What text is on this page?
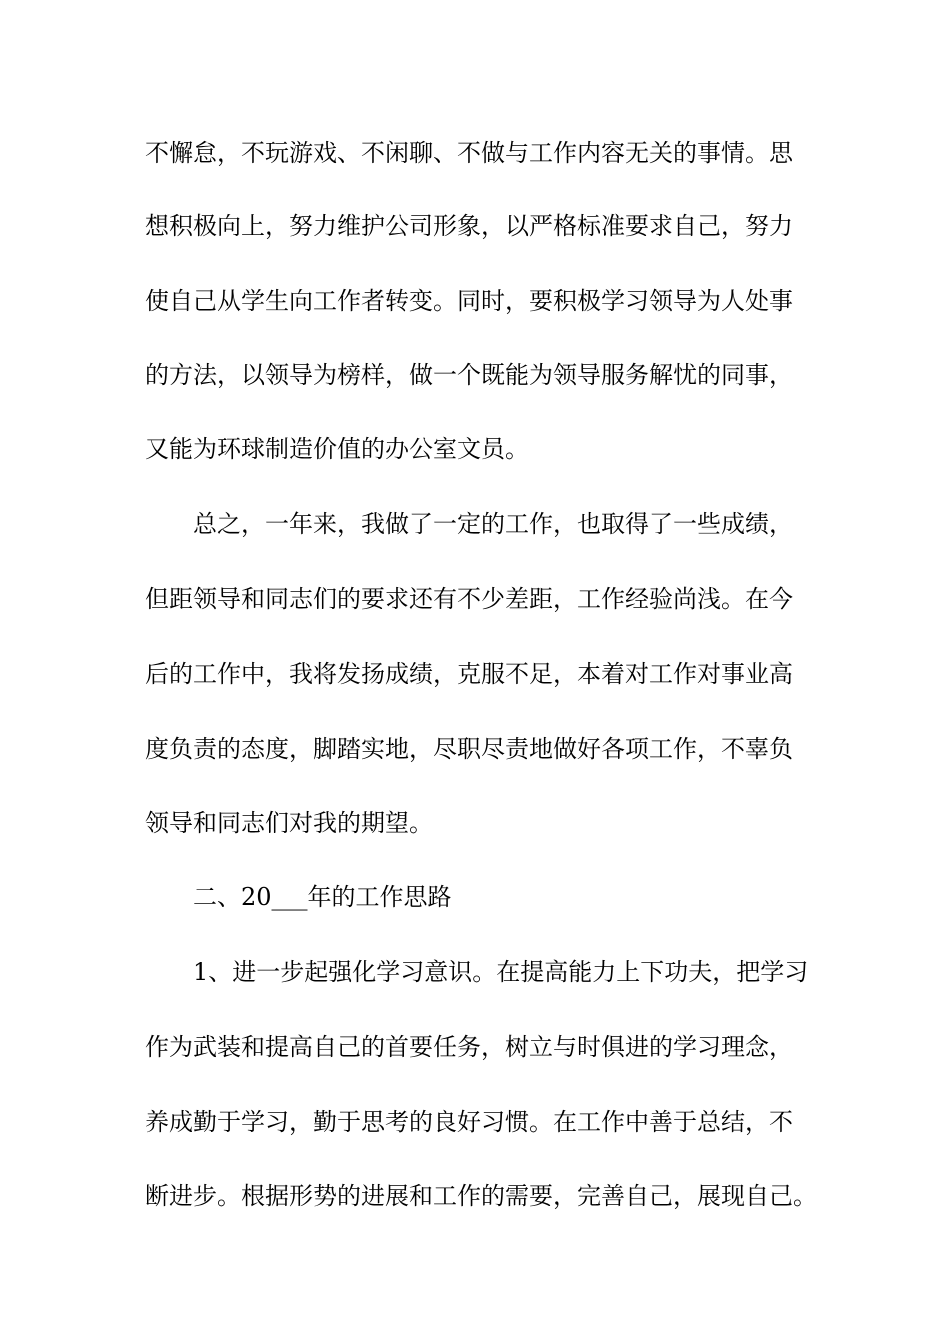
不懈怠，不玩游戏、不闲聊、不做与工作内容无关的事情。思
想积极向上，努力维护公司形象，以严格标准要求自己，努力
使自己从学生向工作者转变。同时，要积极学习领导为人处事
的方法，以领导为榜样，做一个既能为领导服务解忧的同事，
又能为环球制造价值的办公室文员。
总之，一年来，我做了一定的工作，也取得了一些成绩，
但距领导和同志们的要求还有不少差距，工作经验尚浅。在今
后的工作中，我将发扬成绩，克服不足，本着对工作对事业高
度负责的态度，脚踏实地，尽职尽责地做好各项工作，不辜负
领导和同志们对我的期望。
二、20___年的工作思路
1、进一步起强化学习意识。在提高能力上下功夫，把学习
作为武装和提高自己的首要任务，树立与时俱进的学习理念，
养成勤于学习，勤于思考的良好习惯。在工作中善于总结，不
断进步。根据形势的进展和工作的需要，完善自己，展现自己。
